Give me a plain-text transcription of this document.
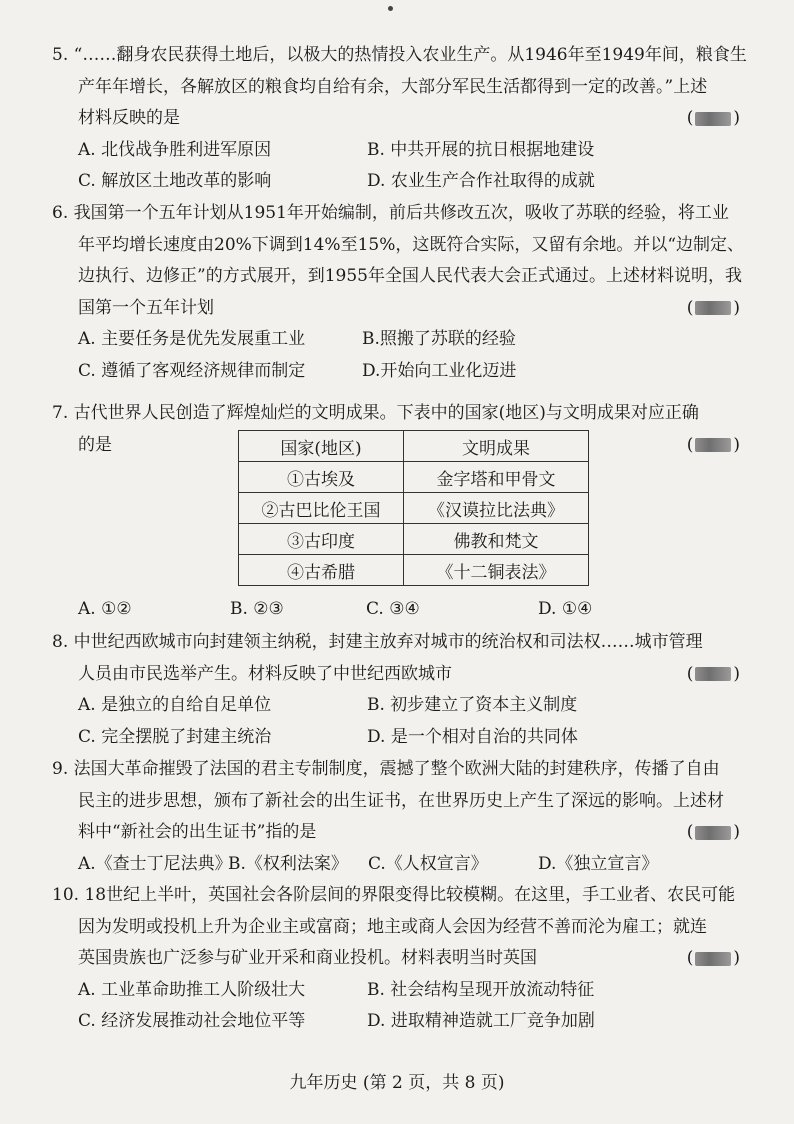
5. “……翻身农民获得土地后，以极大的热情投入农业生产。从1946年至1949年间，粮食生
产年年增长，各解放区的粮食均自给有余，大部分军民生活都得到一定的改善。”上述
材料反映的是	( )
A. 北伐战争胜利进军原因	B. 中共开展的抗日根据地建设
C. 解放区土地改革的影响	D. 农业生产合作社取得的成就
6. 我国第一个五年计划从1951年开始编制，前后共修改五次，吸收了苏联的经验，将工业
年平均增长速度由20%下调到14%至15%，这既符合实际，又留有余地。并以“边制定、
边执行、边修正”的方式展开，到1955年全国人民代表大会正式通过。上述材料说明，我
国第一个五年计划	( )
A. 主要任务是优先发展重工业	B.照搬了苏联的经验
C. 遵循了客观经济规律而制定	D.开始向工业化迈进
7. 古代世界人民创造了辉煌灿烂的文明成果。下表中的国家(地区)与文明成果对应正确
的是	( )
国家(地区)	文明成果
①古埃及	金字塔和甲骨文
②古巴比伦王国	《汉谟拉比法典》
③古印度	佛教和梵文
④古希腊	《十二铜表法》
A. ①②	B. ②③	C. ③④	D. ①④
8. 中世纪西欧城市向封建领主纳税，封建主放弃对城市的统治权和司法权……城市管理
人员由市民选举产生。材料反映了中世纪西欧城市	( )
A. 是独立的自给自足单位	B. 初步建立了资本主义制度
C. 完全摆脱了封建主统治	D. 是一个相对自治的共同体
9. 法国大革命摧毁了法国的君主专制制度，震撼了整个欧洲大陆的封建秩序，传播了自由
民主的进步思想，颁布了新社会的出生证书，在世界历史上产生了深远的影响。上述材
料中“新社会的出生证书”指的是	( )
A.《查士丁尼法典》
B.《权利法案》 C.《人权宣言》	D.《独立宣言》
10. 18世纪上半叶，英国社会各阶层间的界限变得比较模糊。在这里，手工业者、农民可能
因为发明或投机上升为企业主或富商；地主或商人会因为经营不善而沦为雇工；就连
英国贵族也广泛参与矿业开采和商业投机。材料表明当时英国	( )
A. 工业革命助推工人阶级壮大	B. 社会结构呈现开放流动特征
C. 经济发展推动社会地位平等	D. 进取精神造就工厂竞争加剧
九年历史 (第 2 页，共 8 页)
